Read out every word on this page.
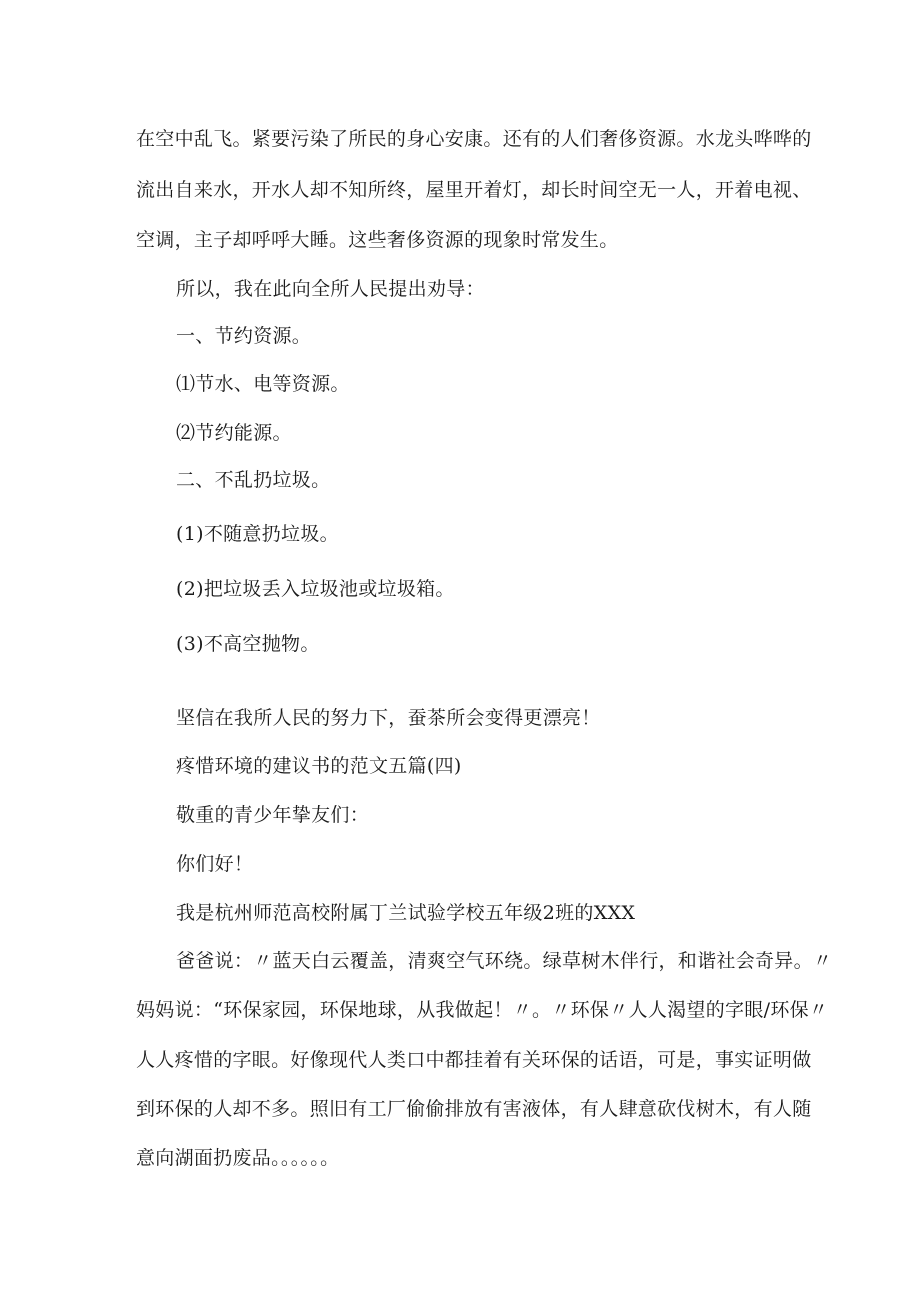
在空中乱飞。紧要污染了所民的身心安康。还有的人们奢侈资源。水龙头哗哗的
流出自来水，开水人却不知所终，屋里开着灯，却长时间空无一人，开着电视、
空调，主子却呼呼大睡。这些奢侈资源的现象时常发生。
所以，我在此向全所人民提出劝导：
一、节约资源。
⑴节水、电等资源。
⑵节约能源。
二、不乱扔垃圾。
(1)不随意扔垃圾。
(2)把垃圾丢入垃圾池或垃圾箱。
(3)不高空抛物。
坚信在我所人民的努力下，蚕茶所会变得更漂亮！
疼惜环境的建议书的范文五篇(四)
敬重的青少年挚友们：
你们好！
我是杭州师范高校附属丁兰试验学校五年级2班的XXX
爸爸说：〃蓝天白云覆盖，清爽空气环绕。绿草树木伴行，和谐社会奇异。〃
妈妈说：“环保家园，环保地球，从我做起！〃。〃环保〃人人渴望的字眼/环保〃
人人疼惜的字眼。好像现代人类口中都挂着有关环保的话语，可是，事实证明做
到环保的人却不多。照旧有工厂偷偷排放有害液体，有人肆意砍伐树木，有人随
意向湖面扔废品。。。。。。
